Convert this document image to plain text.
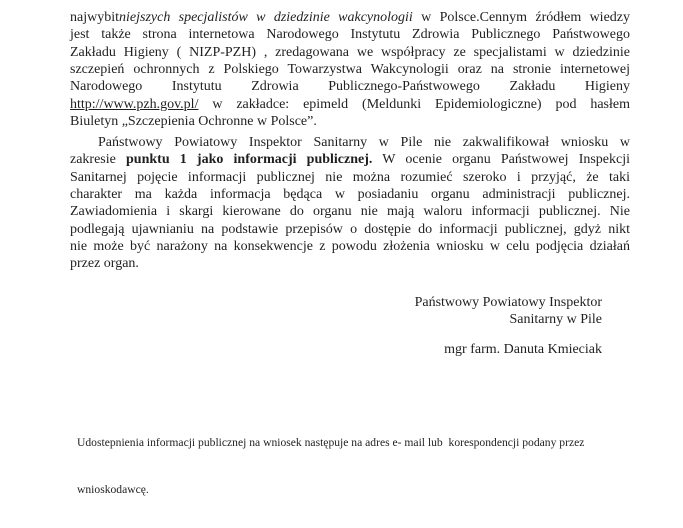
najwybitniejszych specjalistów w dziedzinie wakcynologii w Polsce.Cennym źródłem wiedzy
jest także strona internetowa Narodowego Instytutu Zdrowia Publicznego Państwowego
Zakładu Higieny ( NIZP-PZH) , zredagowana we współpracy ze specjalistami w dziedzinie
szczepień ochronnych z Polskiego Towarzystwa Wakcynologii oraz na stronie internetowej
Narodowego Instytutu Zdrowia Publicznego-Państwowego Zakładu Higieny
http://www.pzh.gov.pl/ w zakładce: epimeld (Meldunki Epidemiologiczne) pod hasłem
Biuletyn „Szczepienia Ochronne w Polsce”.
Państwowy Powiatowy Inspektor Sanitarny w Pile nie zakwalifikował wniosku w
zakresie punktu 1 jako informacji publicznej. W ocenie organu Państwowej Inspekcji
Sanitarnej pojęcie informacji publicznej nie można rozumieć szeroko i przyjąć, że taki
charakter ma każda informacja będąca w posiadaniu organu administracji publicznej.
Zawiadomienia i skargi kierowane do organu nie mają waloru informacji publicznej. Nie
podlegają ujawnianiu na podstawie przepisów o dostępie do informacji publicznej, gdyż nikt
nie może być narażony na konsekwencje z powodu złożenia wniosku w celu podjęcia działań
przez organ.
Państwowy Powiatowy Inspektor
Sanitarny w Pile
mgr farm. Danuta Kmieciak

Udostepnienia informacji publicznej na wniosek następuje na adres e- mail lub  korespondencji podany przez

wnioskodawcę.
